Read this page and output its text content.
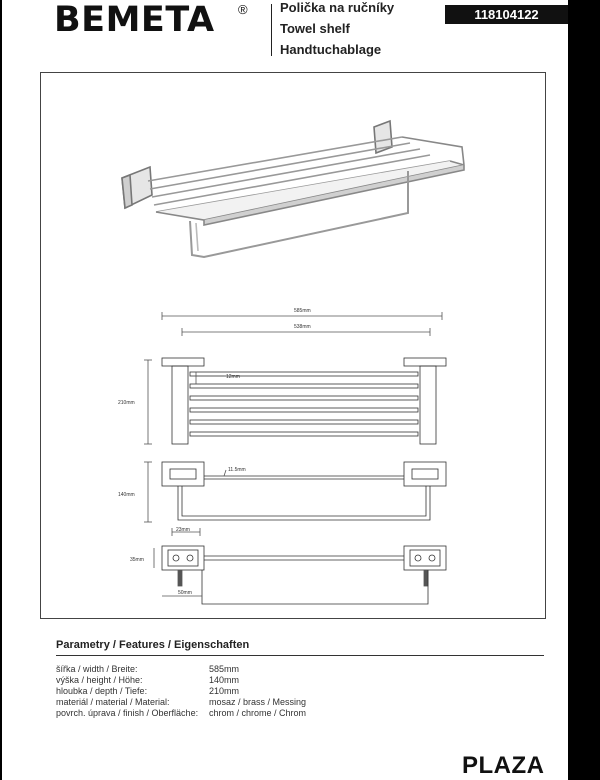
BEMETA ® Polička na ručníky
Towel shelf
Handtuchablage
118104122
585mm
538mm
210mm
12mm
140mm
11.5mm
23mm
35mm
50mm
Parametry / Features / Eigenschaften
šířka / width / Breite:	585mm
výška / height / Höhe:	140mm
hloubka / depth / Tiefe:	210mm
materiál / material / Material:	mosaz / brass / Messing
povrch. úprava / finish / Oberfläche: chrom / chrome / Chrom
PLAZA
